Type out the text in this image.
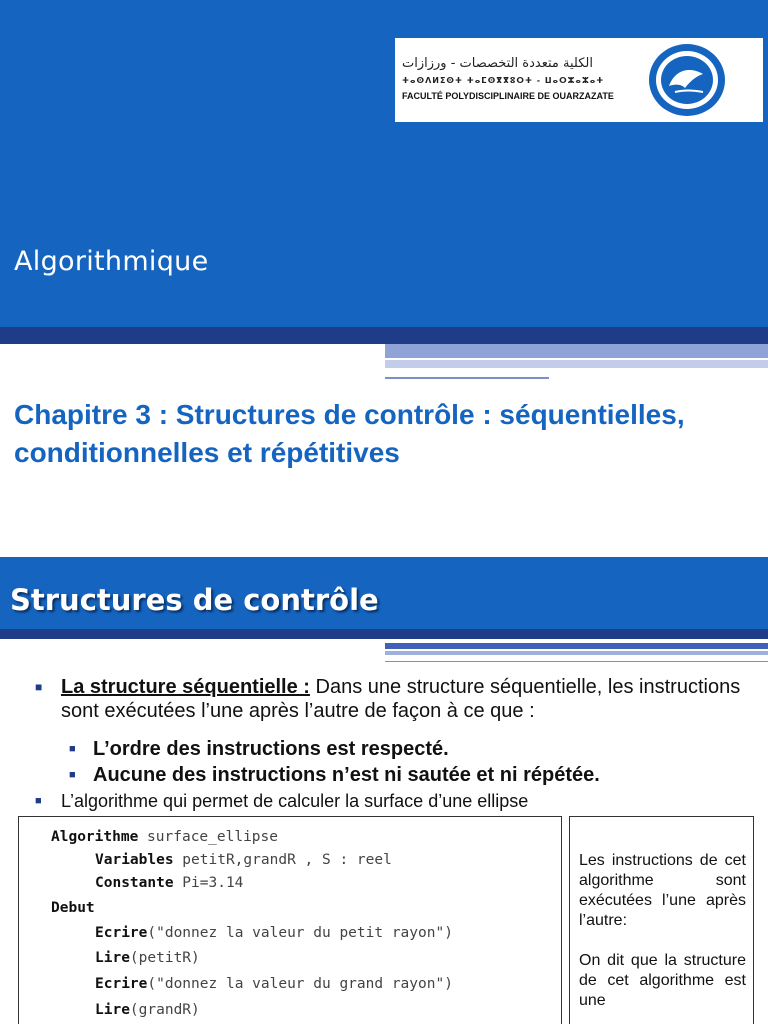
الكلية متعددة التخصصات - ورزازات
ⵜⴰⵙⴷⵍⵉⵙⵜ ⵜⴰⵎⵙⴳⴳⵓⵔⵜ - ⵡⴰⵔⵣⴰⵣⴰⵜ
FACULTÉ POLYDISCIPLINAIRE DE OUARZAZATE
Algorithmique
Chapitre 3 : Structures de contrôle : séquentielles, conditionnelles et répétitives
Structures de contrôle
■ La structure séquentielle : Dans une structure séquentielle, les instructions sont exécutées l’une après l’autre de façon à ce que :
■ L’ordre des instructions est respecté.
■ Aucune des instructions n’est ni sautée et ni répétée.
■ L’algorithme qui permet de calculer la surface d’une ellipse
Algorithme surface_ellipse
Variables petitR,grandR , S : reel
Constante Pi=3.14
Debut
Ecrire("donnez la valeur du petit rayon")
Lire(petitR)
Ecrire("donnez la valeur du grand rayon")
Lire(grandR)

Les instructions de cet algorithme sont exécutées l’une après l’autre:

On dit que la structure de cet algorithme est une
